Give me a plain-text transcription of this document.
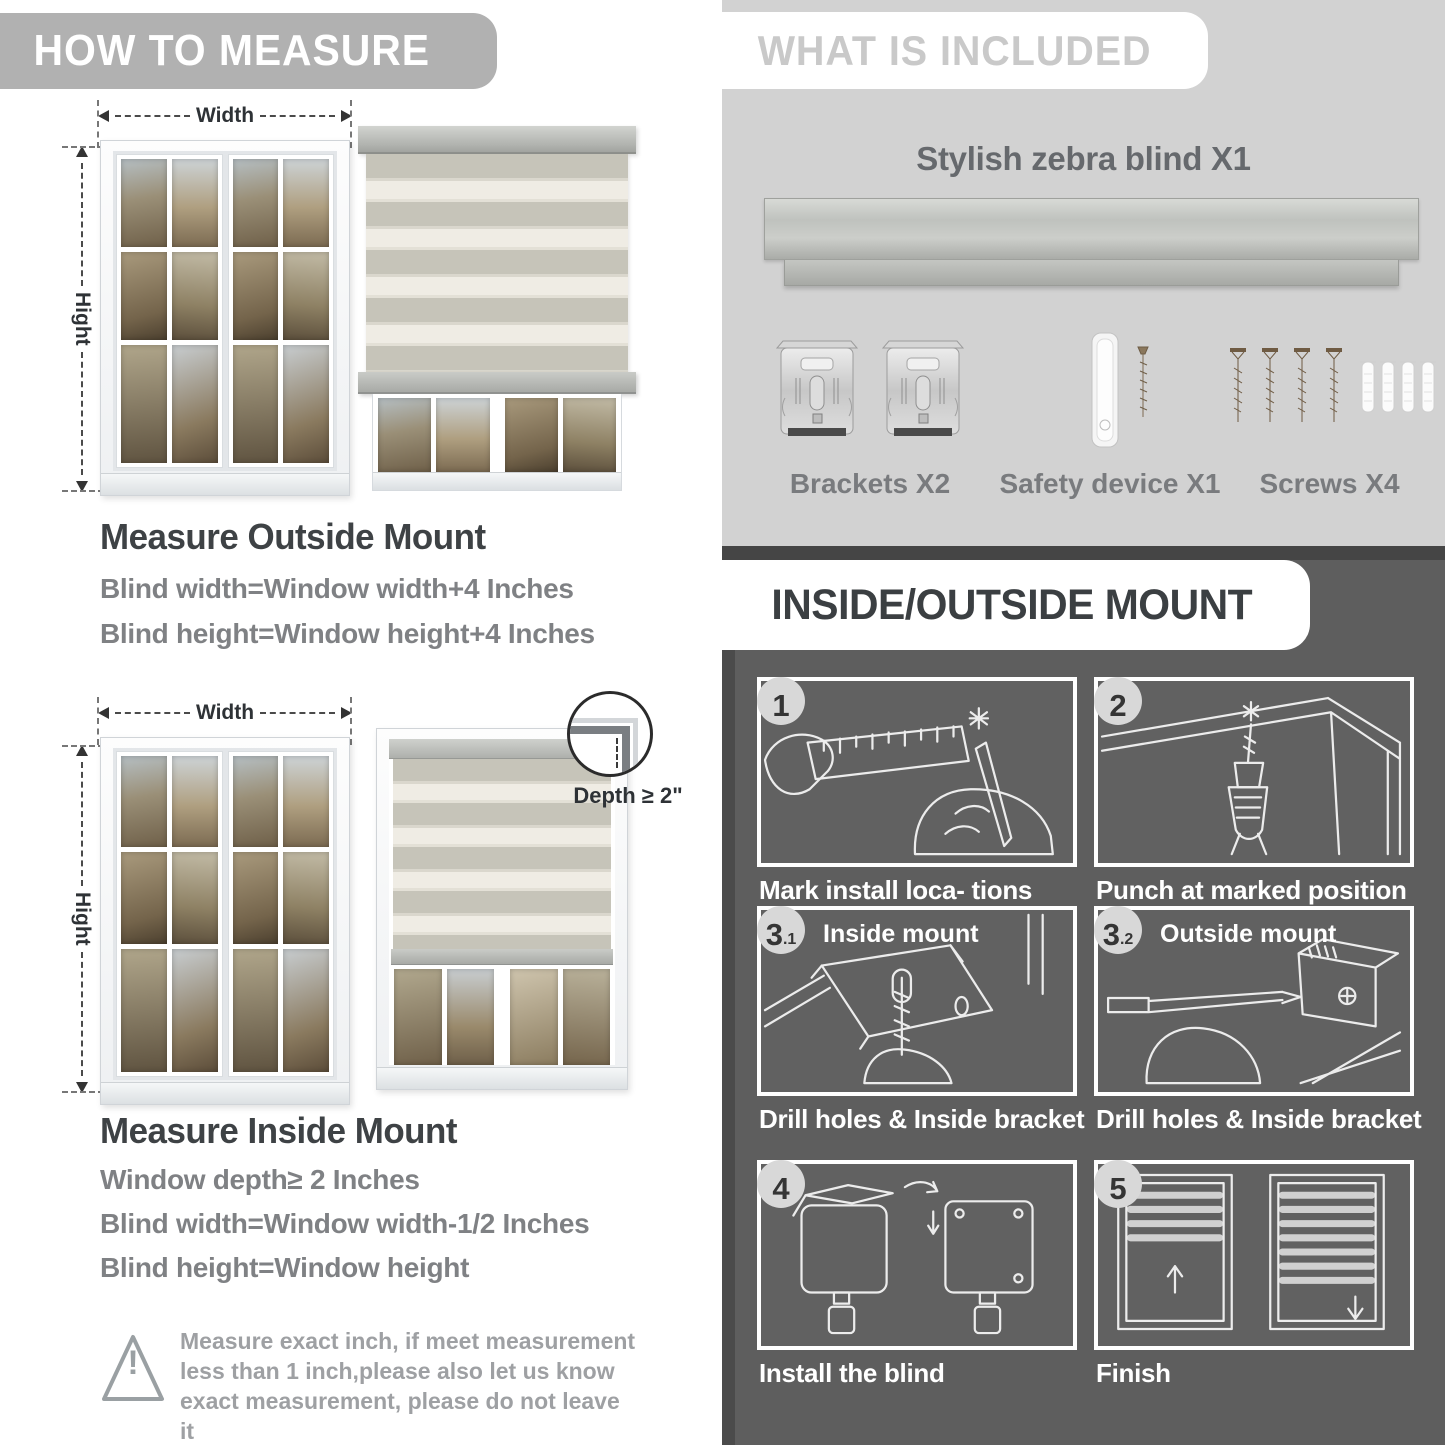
HOW TO MEASURE
Width
Hight
Measure Outside Mount
Blind width=Window width+4 Inches
Blind height=Window height+4 Inches
Width
Hight
Depth ≥ 2"
Measure Inside Mount
Window depth≥ 2 Inches
Blind width=Window width-1/2 Inches
Blind height=Window height
!
Measure exact inch, if meet measurement less than 1 inch,please also let us know exact measurement, please do not leave it
WHAT IS INCLUDED
Stylish zebra blind X1
Brackets X2 Safety device X1 Screws X4
INSIDE/OUTSIDE MOUNT
1
Mark install loca- tions
2
Punch at marked position
3 .1 Inside mount
Drill holes & Inside bracket
3 .2 Outside mount
Drill holes & Inside bracket
4
Install the blind
5
Finish
